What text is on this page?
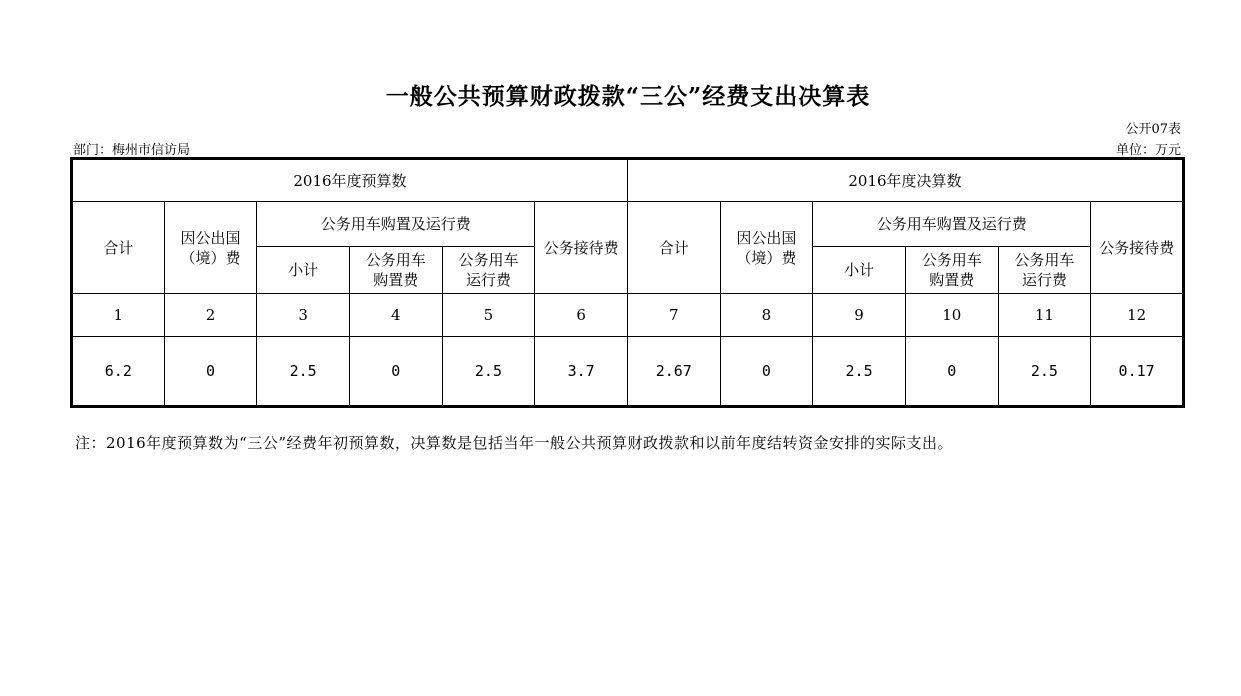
一般公共预算财政拨款“三公”经费支出决算表
公开07表
部门：梅州市信访局	单位：万元
2016年度预算数						2016年度决算数					
合计	因公出国（境）费	公务用车购置及运行费			公务接待费	合计	因公出国（境）费	公务用车购置及运行费			公务接待费
		小计	公务用车购置费	公务用车运行费				小计	公务用车购置费	公务用车运行费	
1	2	3	4	5	6	7	8	9	10	11	12
6.2	0	2.5	0	2.5	3.7	2.67	0	2.5	0	2.5	0.17
注：2016年度预算数为“三公”经费年初预算数，决算数是包括当年一般公共预算财政拨款和以前年度结转资金安排的实际支出。
